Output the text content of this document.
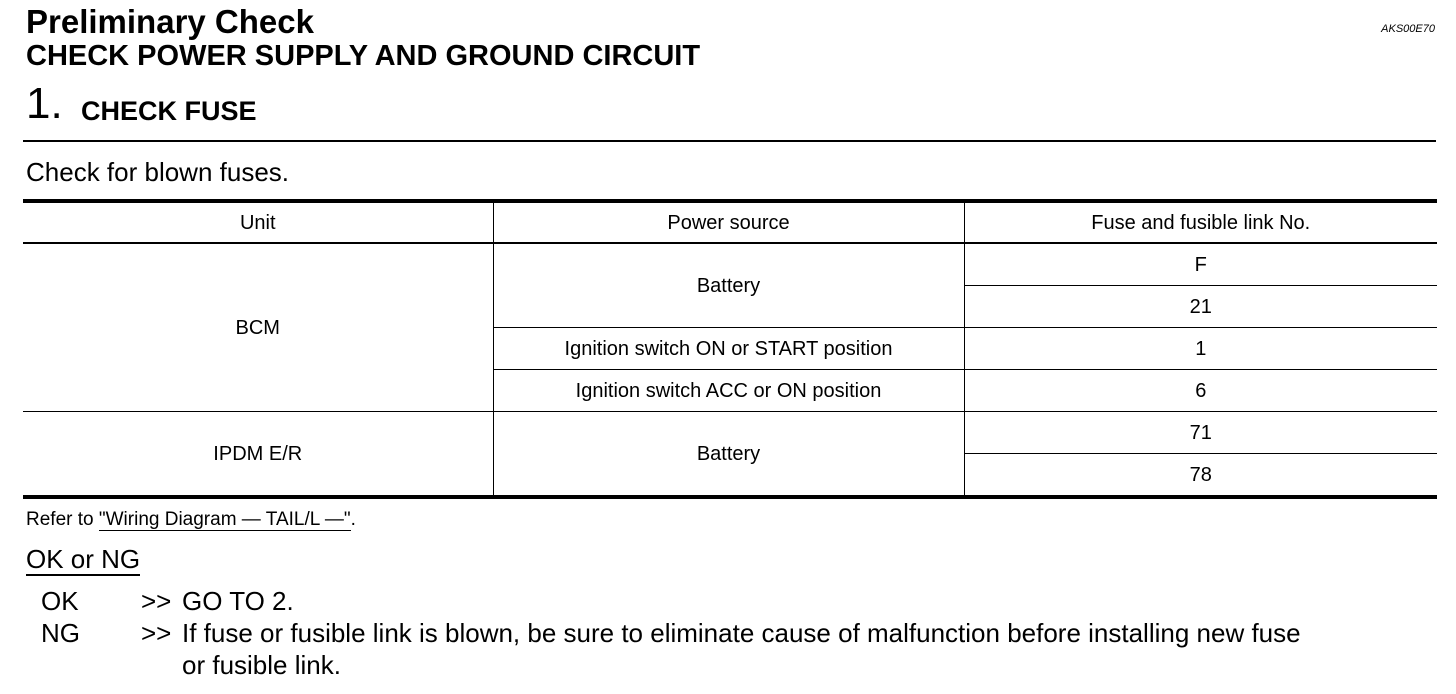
Preliminary Check
CHECK POWER SUPPLY AND GROUND CIRCUIT
AKS00E70
1. CHECK FUSE
Check for blown fuses.
Unit	Power source	Fuse and fusible link No.
BCM	Battery	F
		21
	Ignition switch ON or START position	1
	Ignition switch ACC or ON position	6
IPDM E/R	Battery	71
		78
Refer to "Wiring Diagram — TAIL/L —".
OK or NG
OK >> GO TO 2.
NG >> If fuse or fusible link is blown, be sure to eliminate cause of malfunction before installing new fuse
or fusible link.
